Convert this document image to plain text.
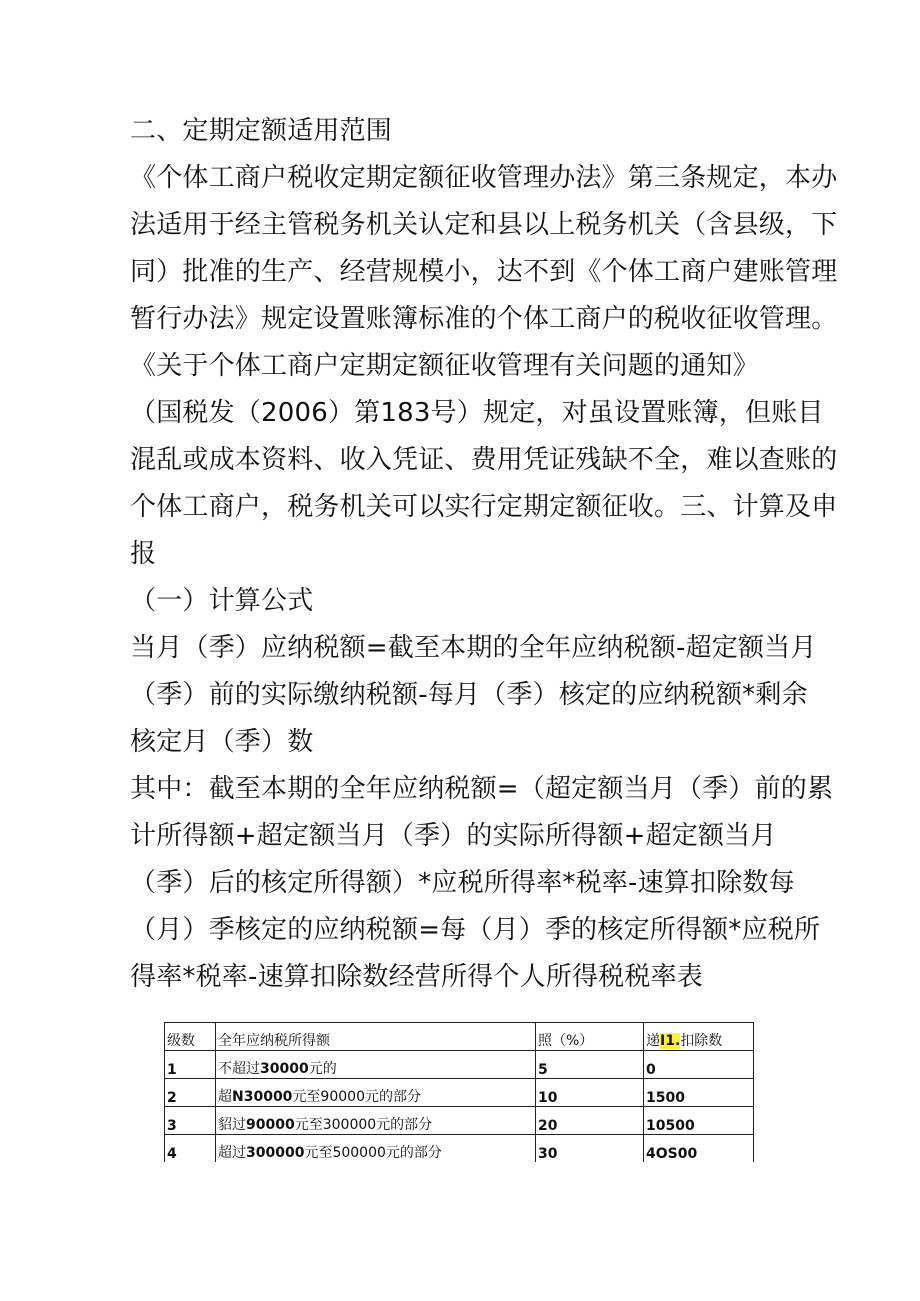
二、定期定额适用范围
《个体工商户税收定期定额征收管理办法》第三条规定，本办
法适用于经主管税务机关认定和县以上税务机关（含县级，下
同）批准的生产、经营规模小，达不到《个体工商户建账管理
暂行办法》规定设置账簿标准的个体工商户的税收征收管理。
《关于个体工商户定期定额征收管理有关问题的通知》
（国税发（2006）第183号）规定，对虽设置账簿，但账目
混乱或成本资料、收入凭证、费用凭证残缺不全，难以查账的
个体工商户，税务机关可以实行定期定额征收。三、计算及申
报
（一）计算公式
当月（季）应纳税额=截至本期的全年应纳税额-超定额当月
（季）前的实际缴纳税额-每月（季）核定的应纳税额*剩余
核定月（季）数
其中：截至本期的全年应纳税额=（超定额当月（季）前的累
计所得额+超定额当月（季）的实际所得额+超定额当月
（季）后的核定所得额）*应税所得率*税率-速算扣除数每
（月）季核定的应纳税额=每（月）季的核定所得额*应税所
得率*税率-速算扣除数经营所得个人所得税税率表
级数	全年应纳税所得额	照（%）	递I1.扣除数
1	不超过30000元的	5	0
2	超N30000元至90000元的部分	10	1500
3	貂过90000元至300000元的部分	20	10500
4	超过300000元至500000元的部分	30	4OS00
